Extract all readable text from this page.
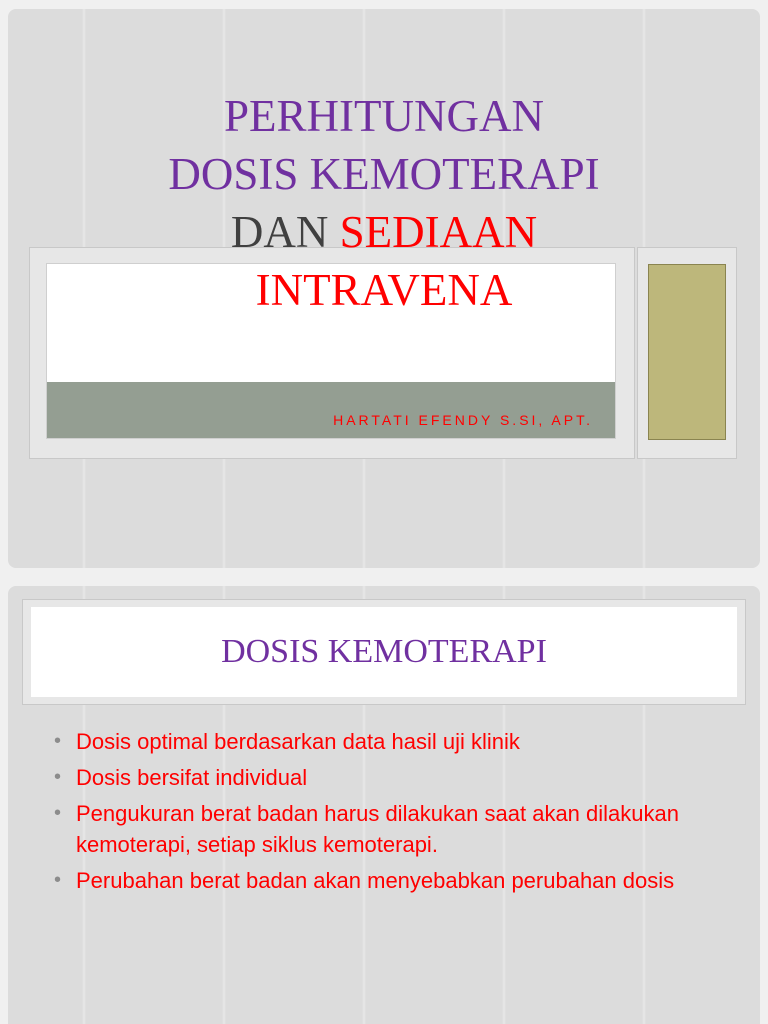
HARTATI EFENDY S.SI, APT.
PERHITUNGAN
DOSIS KEMOTERAPI
DAN SEDIAAN
INTRAVENA
DOSIS KEMOTERAPI
• Dosis optimal berdasarkan data hasil uji klinik
• Dosis bersifat individual
• Pengukuran berat badan harus dilakukan saat akan dilakukan kemoterapi, setiap siklus kemoterapi.
• Perubahan berat badan akan menyebabkan perubahan dosis
